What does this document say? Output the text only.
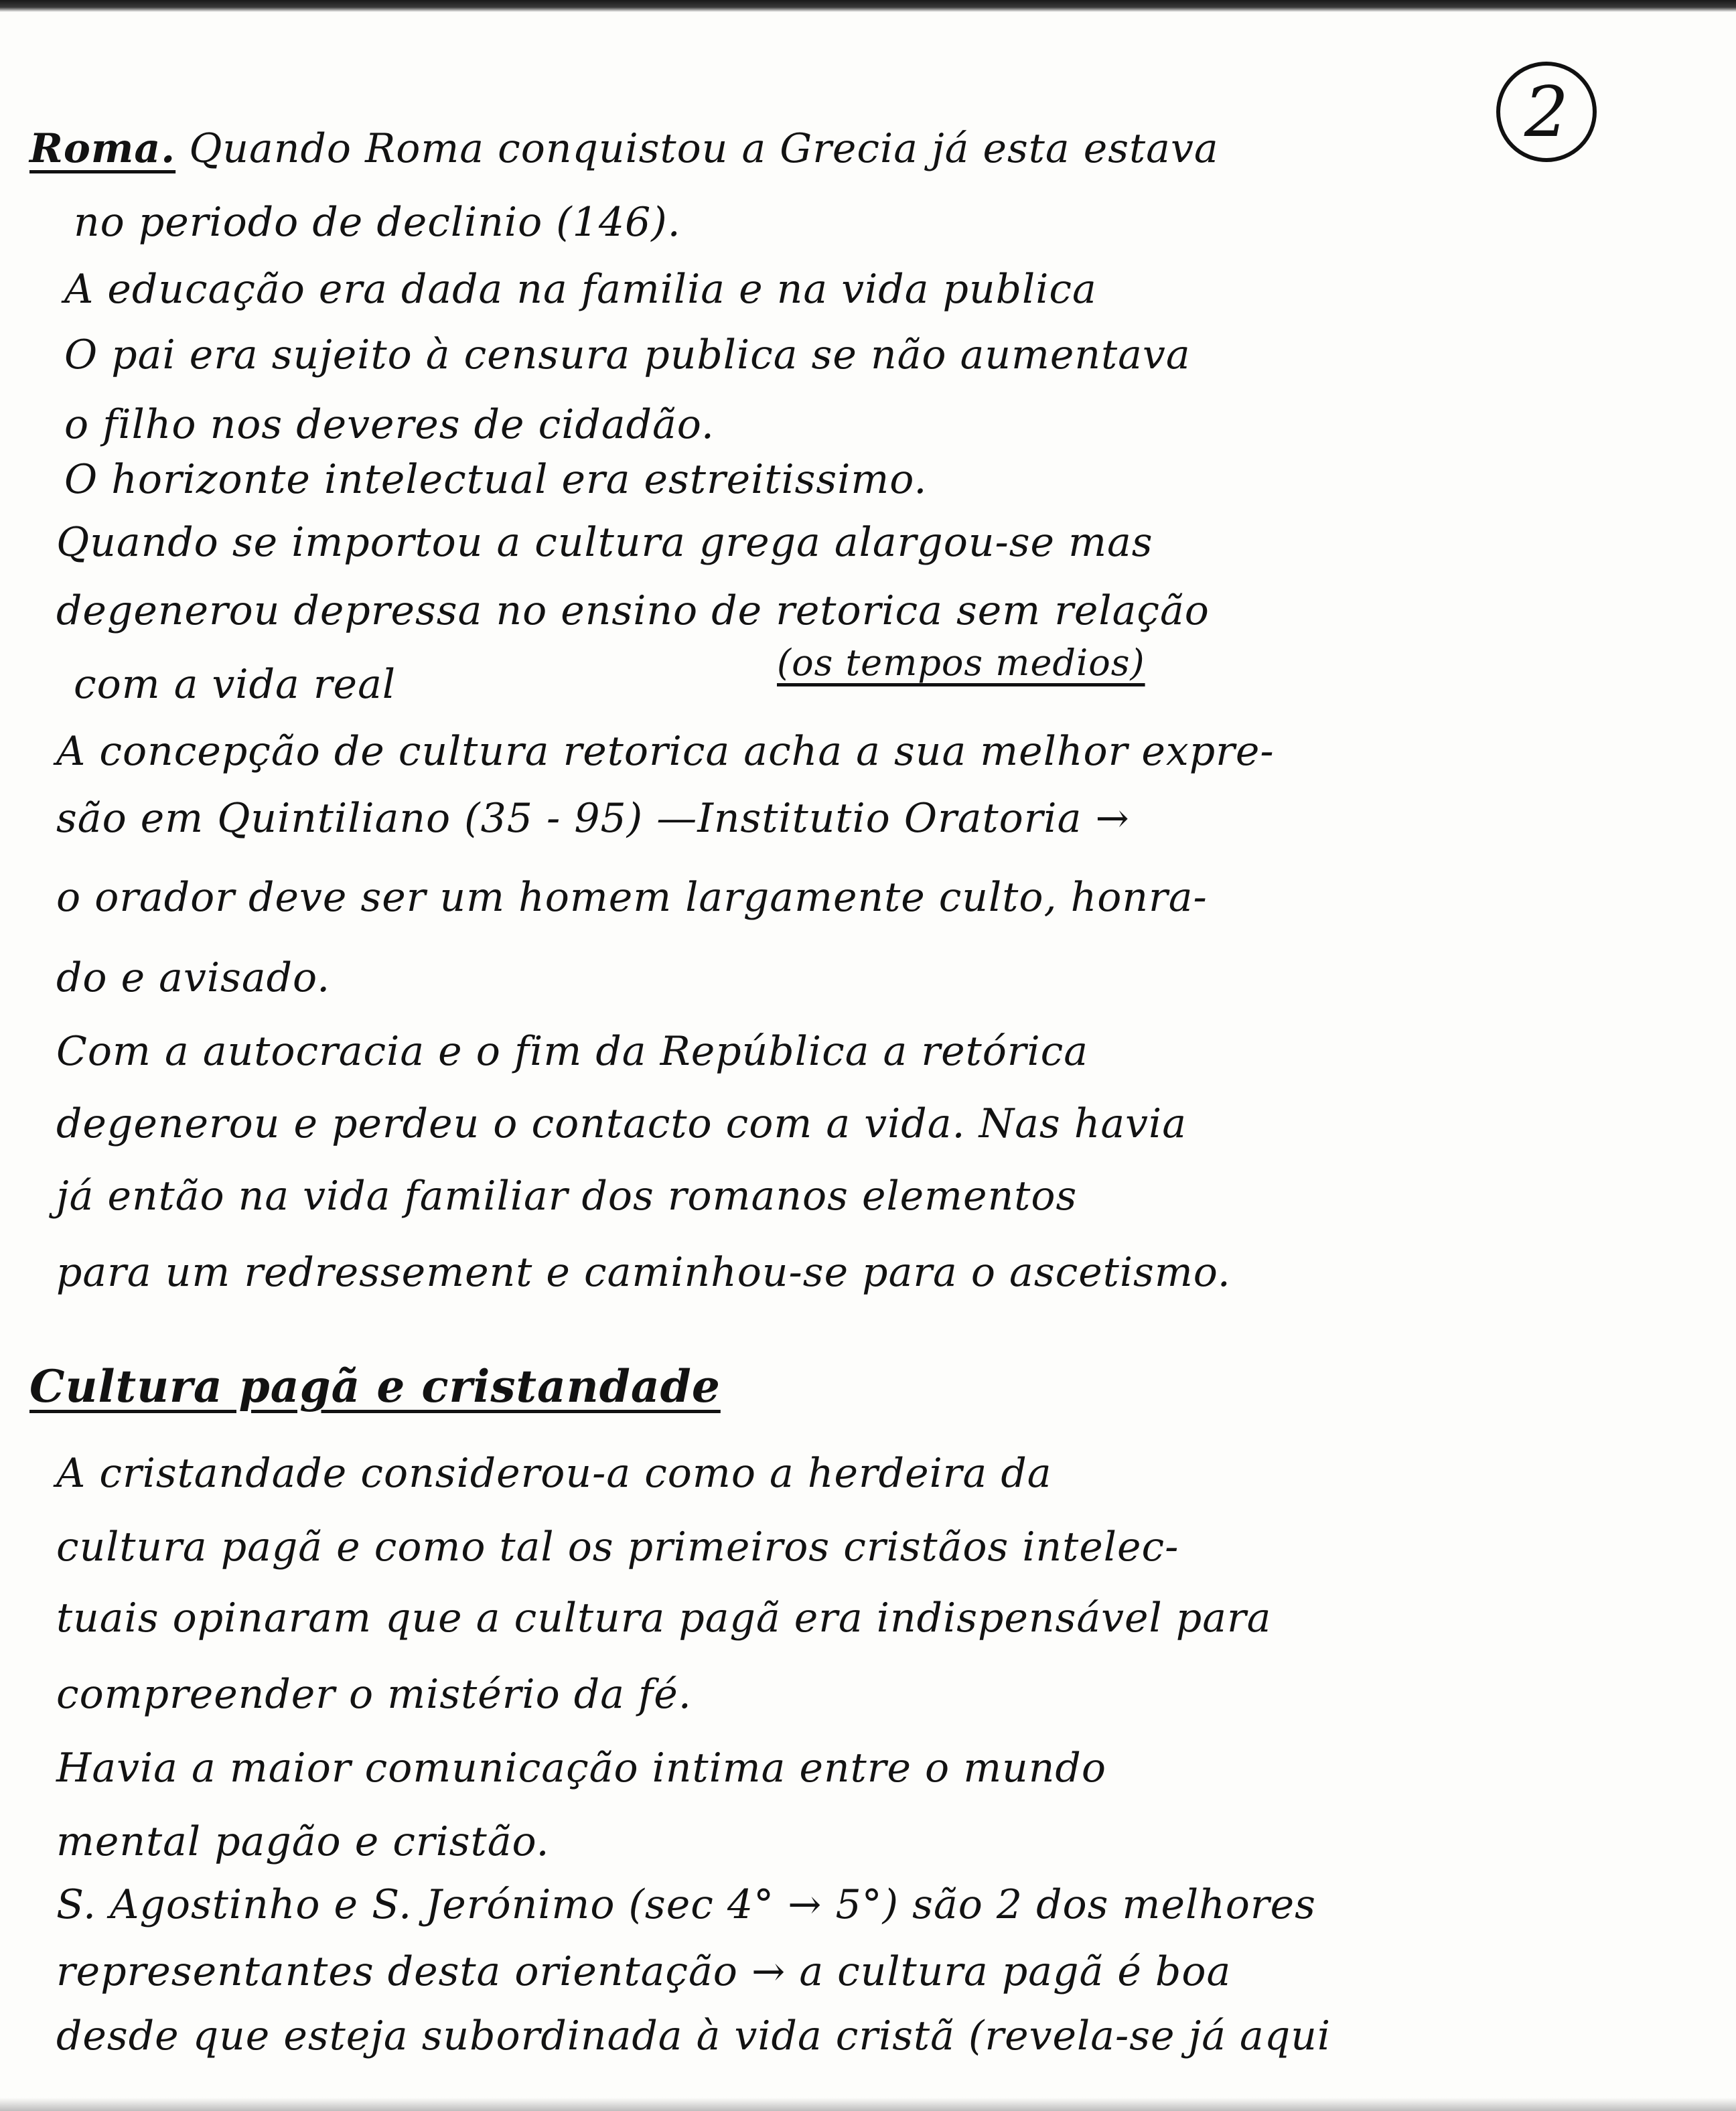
2
Roma. Quando Roma conquistou a Grecia já esta estava
no periodo de declinio (146).
A educação era dada na familia e na vida publica
O pai era sujeito à censura publica se não aumentava
o filho nos deveres de cidadão.
O horizonte intelectual era estreitissimo.
Quando se importou a cultura grega alargou-se mas
degenerou depressa no ensino de retorica sem relação
com a vida real	(os tempos medios)
A concepção de cultura retorica acha a sua melhor expre-
são em Quintiliano (35 - 95) —Institutio Oratoria →
o orador deve ser um homem largamente culto, honra-
do e avisado.
Com a autocracia e o fim da República a retórica
degenerou e perdeu o contacto com a vida. Nas havia
já então na vida familiar dos romanos elementos
para um redressement e caminhou-se para o ascetismo.
Cultura pagã e cristandade
A cristandade considerou-a como a herdeira da
cultura pagã e como tal os primeiros cristãos intelec-
tuais opinaram que a cultura pagã era indispensável para
compreender o mistério da fé.
Havia a maior comunicação intima entre o mundo
mental pagão e cristão.
S. Agostinho e S. Jerónimo (sec 4° → 5°) são 2 dos melhores
representantes desta orientação → a cultura pagã é boa
desde que esteja subordinada à vida cristã (revela-se já aqui
